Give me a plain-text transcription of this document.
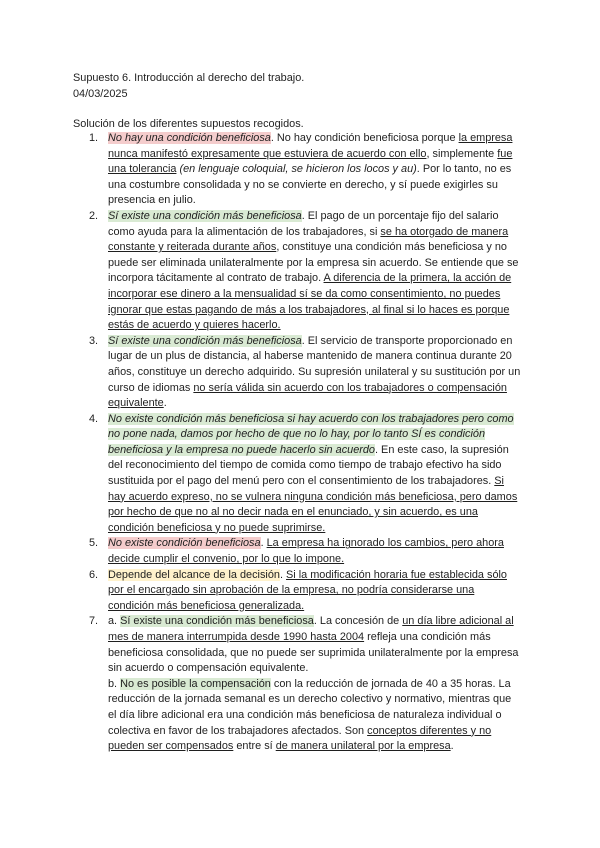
Supuesto 6. Introducción al derecho del trabajo.
04/03/2025
Solución de los diferentes supuestos recogidos.
1. No hay una condición beneficiosa. No hay condición beneficiosa porque la empresa nunca manifestó expresamente que estuviera de acuerdo con ello, simplemente fue una tolerancia (en lenguaje coloquial, se hicieron los locos y au). Por lo tanto, no es una costumbre consolidada y no se convierte en derecho, y sí puede exigirles su presencia en julio.
2. Sí existe una condición más beneficiosa. El pago de un porcentaje fijo del salario como ayuda para la alimentación de los trabajadores, si se ha otorgado de manera constante y reiterada durante años, constituye una condición más beneficiosa y no puede ser eliminada unilateralmente por la empresa sin acuerdo. Se entiende que se incorpora tácitamente al contrato de trabajo. A diferencia de la primera, la acción de incorporar ese dinero a la mensualidad sí se da como consentimiento, no puedes ignorar que estas pagando de más a los trabajadores, al final si lo haces es porque estás de acuerdo y quieres hacerlo.
3. Sí existe una condición más beneficiosa. El servicio de transporte proporcionado en lugar de un plus de distancia, al haberse mantenido de manera continua durante 20 años, constituye un derecho adquirido. Su supresión unilateral y su sustitución por un curso de idiomas no sería válida sin acuerdo con los trabajadores o compensación equivalente.
4. No existe condición más beneficiosa si hay acuerdo con los trabajadores pero como no pone nada, damos por hecho de que no lo hay, por lo tanto SÍ es condición beneficiosa y la empresa no puede hacerlo sin acuerdo. En este caso, la supresión del reconocimiento del tiempo de comida como tiempo de trabajo efectivo ha sido sustituida por el pago del menú pero con el consentimiento de los trabajadores. Si hay acuerdo expreso, no se vulnera ninguna condición más beneficiosa, pero damos por hecho de que no al no decir nada en el enunciado, y sin acuerdo, es una condición beneficiosa y no puede suprimirse.
5. No existe condición beneficiosa. La empresa ha ignorado los cambios, pero ahora decide cumplir el convenio, por lo que lo impone.
6. Depende del alcance de la decisión. Si la modificación horaria fue establecida sólo por el encargado sin aprobación de la empresa, no podría considerarse una condición más beneficiosa generalizada.
7. a. Sí existe una condición más beneficiosa. La concesión de un día libre adicional al mes de manera interrumpida desde 1990 hasta 2004 refleja una condición más beneficiosa consolidada, que no puede ser suprimida unilateralmente por la empresa sin acuerdo o compensación equivalente.
b. No es posible la compensación con la reducción de jornada de 40 a 35 horas. La reducción de la jornada semanal es un derecho colectivo y normativo, mientras que el día libre adicional era una condición más beneficiosa de naturaleza individual o colectiva en favor de los trabajadores afectados. Son conceptos diferentes y no pueden ser compensados entre sí de manera unilateral por la empresa.
